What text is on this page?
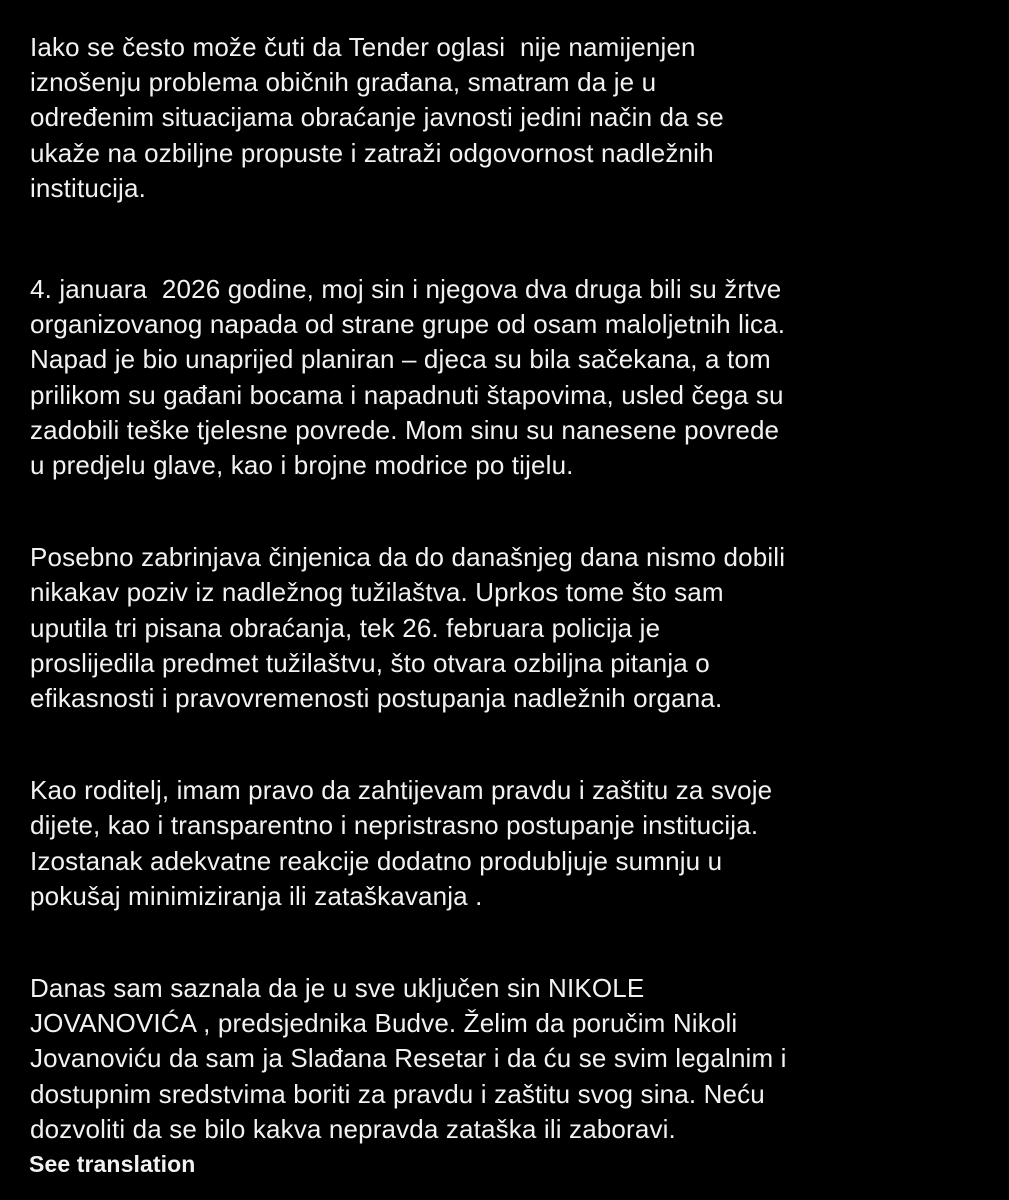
Iako se često može čuti da Tender oglasi  nije namijenjen
iznošenju problema običnih građana, smatram da je u
određenim situacijama obraćanje javnosti jedini način da se
ukaže na ozbiljne propuste i zatraži odgovornost nadležnih
institucija.

4. januara  2026 godine, moj sin i njegova dva druga bili su žrtve
organizovanog napada od strane grupe od osam maloljetnih lica.
Napad je bio unaprijed planiran – djeca su bila sačekana, a tom
prilikom su gađani bocama i napadnuti štapovima, usled čega su
zadobili teške tjelesne povrede. Mom sinu su nanesene povrede
u predjelu glave, kao i brojne modrice po tijelu.

Posebno zabrinjava činjenica da do današnjeg dana nismo dobili
nikakav poziv iz nadležnog tužilaštva. Uprkos tome što sam
uputila tri pisana obraćanja, tek 26. februara policija je
proslijedila predmet tužilaštvu, što otvara ozbiljna pitanja o
efikasnosti i pravovremenosti postupanja nadležnih organa.

Kao roditelj, imam pravo da zahtijevam pravdu i zaštitu za svoje
dijete, kao i transparentno i nepristrasno postupanje institucija.
Izostanak adekvatne reakcije dodatno produbljuje sumnju u
pokušaj minimiziranja ili zataškavanja .

Danas sam saznala da je u sve uključen sin NIKOLE
JOVANOVIĆA , predsjednika Budve. Želim da poručim Nikoli
Jovanoviću da sam ja Slađana Resetar i da ću se svim legalnim i
dostupnim sredstvima boriti za pravdu i zaštitu svog sina. Neću
dozvoliti da se bilo kakva nepravda zataška ili zaboravi.

See translation
